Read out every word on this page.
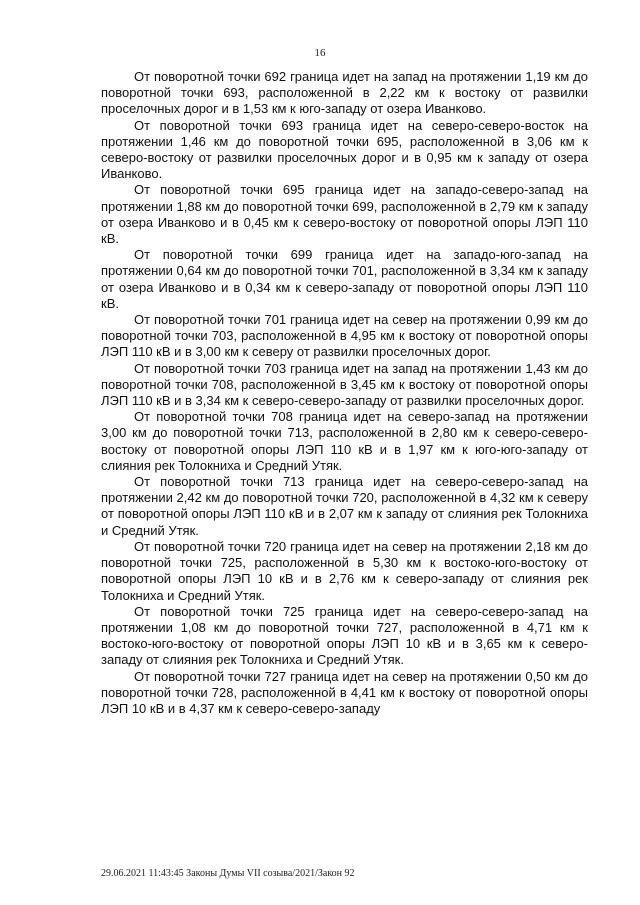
16

От поворотной точки 692 граница идет на запад на протяжении 1,19 км до поворотной точки 693, расположенной в 2,22 км к востоку от развилки проселочных дорог и в 1,53 км к юго-западу от озера Иванково.

От поворотной точки 693 граница идет на северо-северо-восток на протяжении 1,46 км до поворотной точки 695, расположенной в 3,06 км к северо-востоку от развилки проселочных дорог и в 0,95 км к западу от озера Иванково.

От поворотной точки 695 граница идет на западо-северо-запад на протяжении 1,88 км до поворотной точки 699, расположенной в 2,79 км к западу от озера Иванково и в 0,45 км к северо-востоку от поворотной опоры ЛЭП 110 кВ.

От поворотной точки 699 граница идет на западо-юго-запад на протяжении 0,64 км до поворотной точки 701, расположенной в 3,34 км к западу от озера Иванково и в 0,34 км к северо-западу от поворотной опоры ЛЭП 110 кВ.

От поворотной точки 701 граница идет на север на протяжении 0,99 км до поворотной точки 703, расположенной в 4,95 км к востоку от поворотной опоры ЛЭП 110 кВ и в 3,00 км к северу от развилки проселочных дорог.

От поворотной точки 703 граница идет на запад на протяжении 1,43 км до поворотной точки 708, расположенной в 3,45 км к востоку от поворотной опоры ЛЭП 110 кВ и в 3,34 км к северо-северо-западу от развилки проселочных дорог.

От поворотной точки 708 граница идет на северо-запад на протяжении 3,00 км до поворотной точки 713, расположенной в 2,80 км к северо-северо-востоку от поворотной опоры ЛЭП 110 кВ и в 1,97 км к юго-юго-западу от слияния рек Толокниха и Средний Утяк.

От поворотной точки 713 граница идет на северо-северо-запад на протяжении 2,42 км до поворотной точки 720, расположенной в 4,32 км к северу от поворотной опоры ЛЭП 110 кВ и в 2,07 км к западу от слияния рек Толокниха и Средний Утяк.

От поворотной точки 720 граница идет на север на протяжении 2,18 км до поворотной точки 725, расположенной в 5,30 км к востоко-юго-востоку от поворотной опоры ЛЭП 10 кВ и в 2,76 км к северо-западу от слияния рек Толокниха и Средний Утяк.

От поворотной точки 725 граница идет на северо-северо-запад на протяжении 1,08 км до поворотной точки 727, расположенной в 4,71 км к востоко-юго-востоку от поворотной опоры ЛЭП 10 кВ и в 3,65 км к северо-западу от слияния рек Толокниха и Средний Утяк.

От поворотной точки 727 граница идет на север на протяжении 0,50 км до поворотной точки 728, расположенной в 4,41 км к востоку от поворотной опоры ЛЭП 10 кВ и в 4,37 км к северо-северо-западу

29.06.2021 11:43:45 Законы Думы VII созыва/2021/Закон 92
